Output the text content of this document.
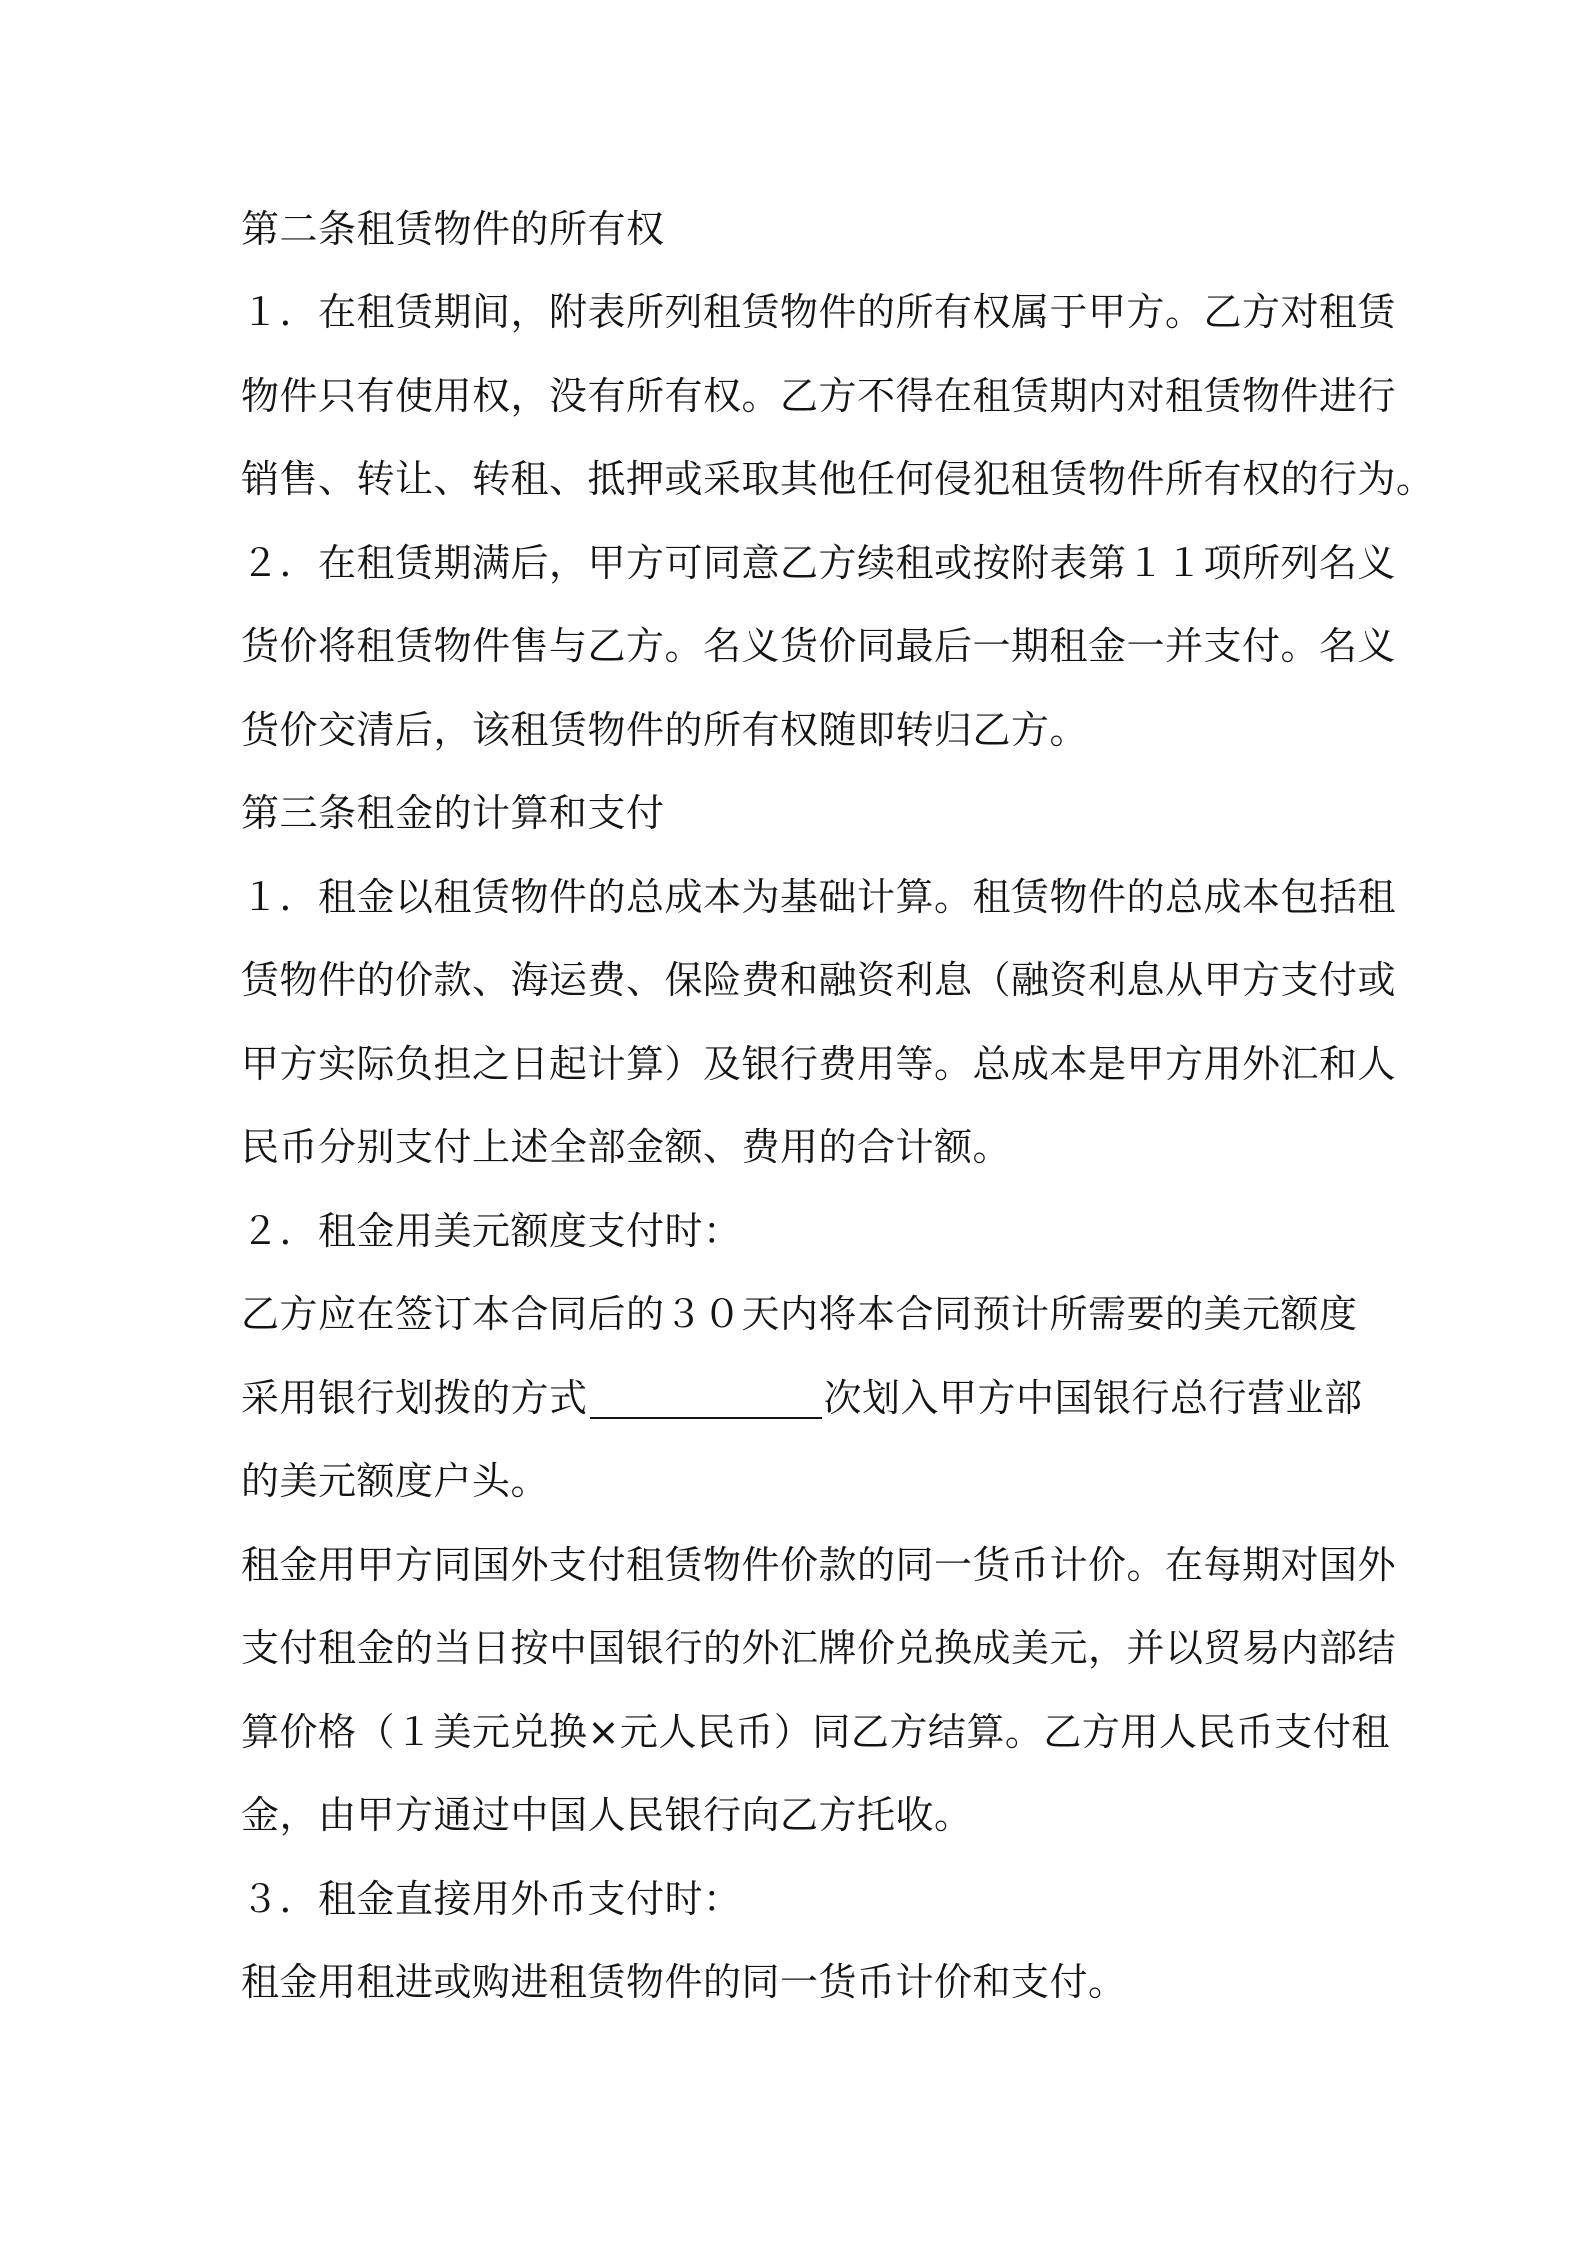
第二条租赁物件的所有权
１．在租赁期间，附表所列租赁物件的所有权属于甲方。乙方对租赁
物件只有使用权，没有所有权。乙方不得在租赁期内对租赁物件进行
销售、转让、转租、抵押或采取其他任何侵犯租赁物件所有权的行为。
２．在租赁期满后，甲方可同意乙方续租或按附表第１１项所列名义
货价将租赁物件售与乙方。名义货价同最后一期租金一并支付。名义
货价交清后，该租赁物件的所有权随即转归乙方。
第三条租金的计算和支付
１．租金以租赁物件的总成本为基础计算。租赁物件的总成本包括租
赁物件的价款、海运费、保险费和融资利息（融资利息从甲方支付或
甲方实际负担之日起计算）及银行费用等。总成本是甲方用外汇和人
民币分别支付上述全部金额、费用的合计额。
２．租金用美元额度支付时：
乙方应在签订本合同后的３０天内将本合同预计所需要的美元额度
采用银行划拨的方式	次划入甲方中国银行总行营业部
的美元额度户头。
租金用甲方同国外支付租赁物件价款的同一货币计价。在每期对国外
支付租金的当日按中国银行的外汇牌价兑换成美元，并以贸易内部结
算价格（１美元兑换×元人民币）同乙方结算。乙方用人民币支付租
金，由甲方通过中国人民银行向乙方托收。
３．租金直接用外币支付时：
租金用租进或购进租赁物件的同一货币计价和支付。
